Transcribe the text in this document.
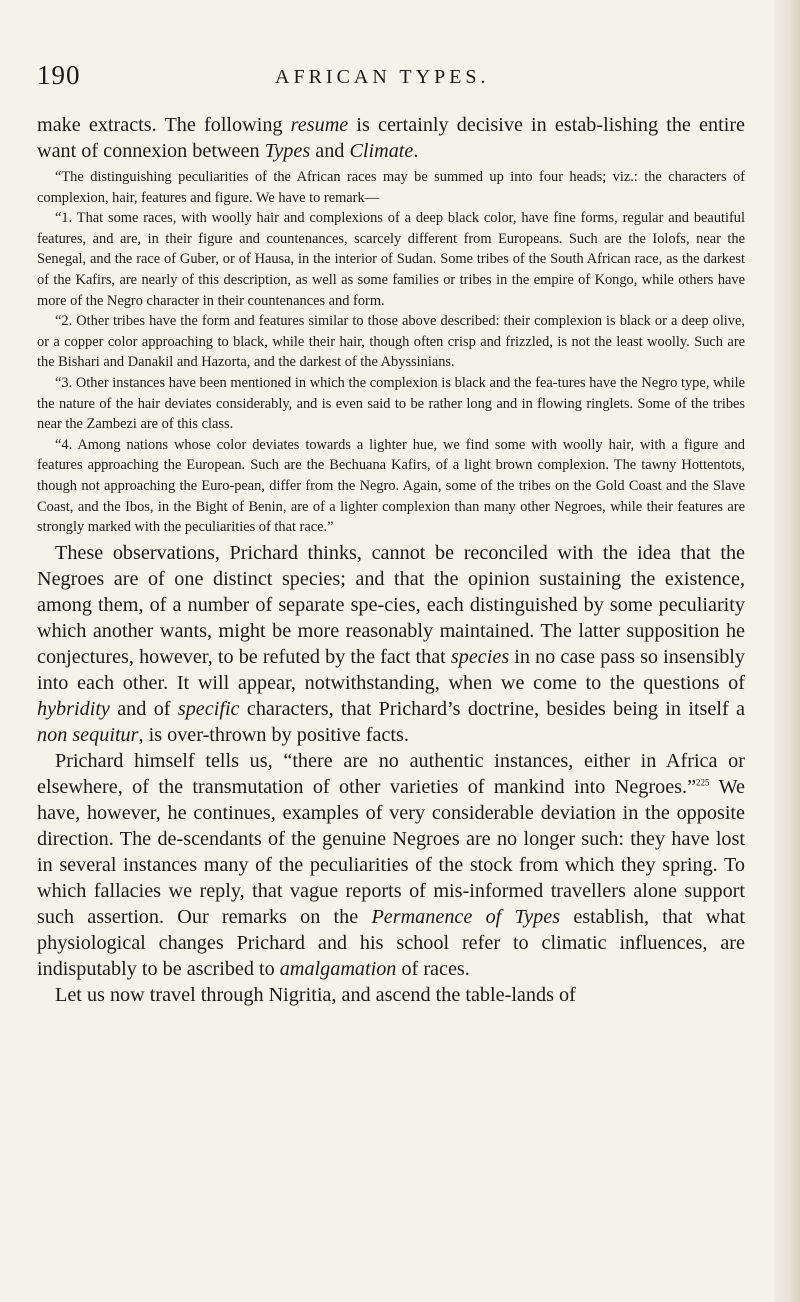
190	AFRICAN TYPES.

make extracts. The following resume is certainly decisive in estab-lishing the entire want of connexion between Types and Climate.

“The distinguishing peculiarities of the African races may be summed up into four heads; viz.: the characters of complexion, hair, features and figure. We have to remark—

“1. That some races, with woolly hair and complexions of a deep black color, have fine forms, regular and beautiful features, and are, in their figure and countenances, scarcely different from Europeans. Such are the Iolofs, near the Senegal, and the race of Guber, or of Hausa, in the interior of Sudan. Some tribes of the South African race, as the darkest of the Kafirs, are nearly of this description, as well as some families or tribes in the empire of Kongo, while others have more of the Negro character in their countenances and form.

“2. Other tribes have the form and features similar to those above described: their complexion is black or a deep olive, or a copper color approaching to black, while their hair, though often crisp and frizzled, is not the least woolly. Such are the Bishari and Danakil and Hazorta, and the darkest of the Abyssinians.

“3. Other instances have been mentioned in which the complexion is black and the fea-tures have the Negro type, while the nature of the hair deviates considerably, and is even said to be rather long and in flowing ringlets. Some of the tribes near the Zambezi are of this class.

“4. Among nations whose color deviates towards a lighter hue, we find some with woolly hair, with a figure and features approaching the European. Such are the Bechuana Kafirs, of a light brown complexion. The tawny Hottentots, though not approaching the Euro-pean, differ from the Negro. Again, some of the tribes on the Gold Coast and the Slave Coast, and the Ibos, in the Bight of Benin, are of a lighter complexion than many other Negroes, while their features are strongly marked with the peculiarities of that race.”

These observations, Prichard thinks, cannot be reconciled with the idea that the Negroes are of one distinct species; and that the opinion sustaining the existence, among them, of a number of separate spe-cies, each distinguished by some peculiarity which another wants, might be more reasonably maintained. The latter supposition he conjectures, however, to be refuted by the fact that species in no case pass so insensibly into each other. It will appear, notwithstanding, when we come to the questions of hybridity and of specific characters, that Prichard’s doctrine, besides being in itself a non sequitur, is over-thrown by positive facts.

Prichard himself tells us, “there are no authentic instances, either in Africa or elsewhere, of the transmutation of other varieties of mankind into Negroes.”$^{225}$ We have, however, he continues, examples of very considerable deviation in the opposite direction. The de-scendants of the genuine Negroes are no longer such: they have lost in several instances many of the peculiarities of the stock from which they spring. To which fallacies we reply, that vague reports of mis-informed travellers alone support such assertion. Our remarks on the Permanence of Types establish, that what physiological changes Prichard and his school refer to climatic influences, are indisputably to be ascribed to amalgamation of races.

Let us now travel through Nigritia, and ascend the table-lands of
